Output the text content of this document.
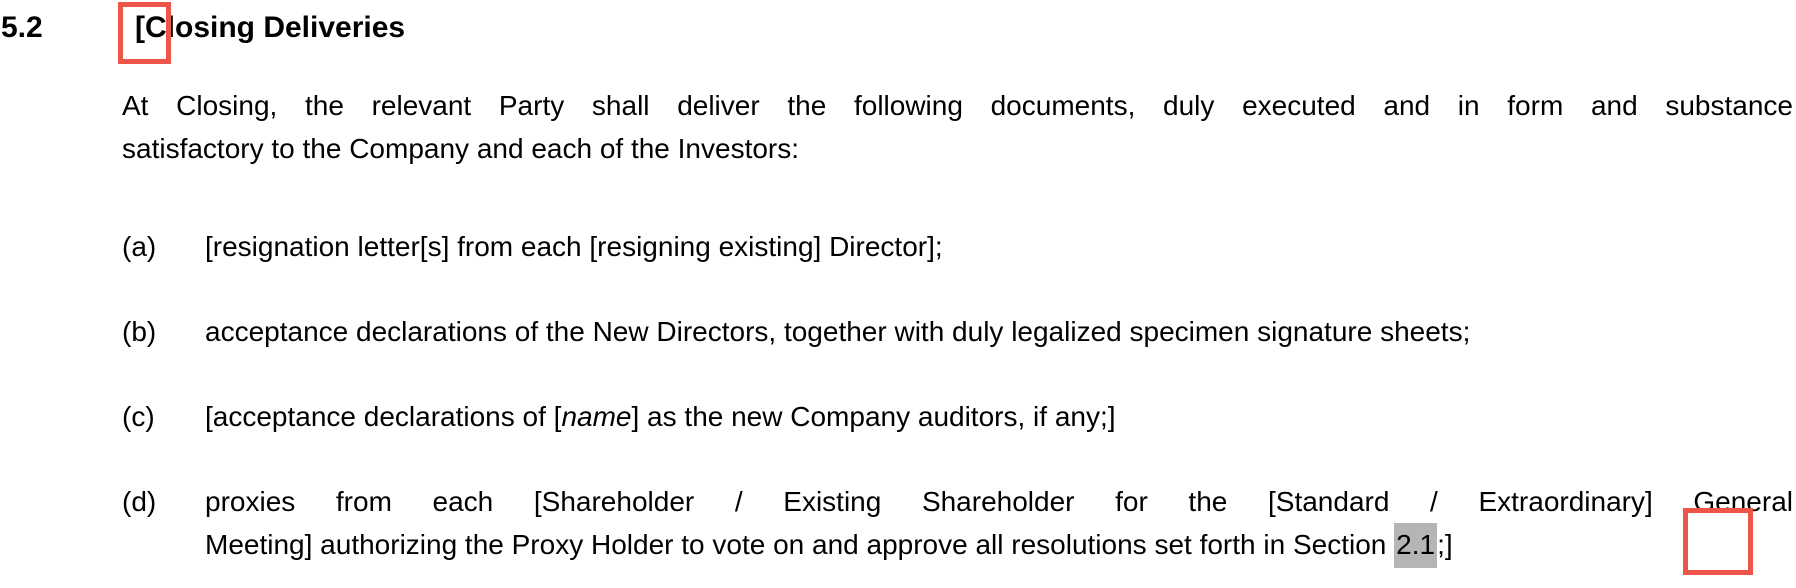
5.2	[Closing Deliveries
At Closing, the relevant Party shall deliver the following documents, duly executed and in form and substance
satisfactory to the Company and each of the Investors:
(a)	[resignation letter[s] from each [resigning existing] Director];
(b)	acceptance declarations of the New Directors, together with duly legalized specimen signature sheets;
(c)	[acceptance declarations of [name] as the new Company auditors, if any;]
(d)	proxies from each [Shareholder / Existing Shareholder for the [Standard / Extraordinary] General
Meeting] authorizing the Proxy Holder to vote on and approve all resolutions set forth in Section 2.1;]
